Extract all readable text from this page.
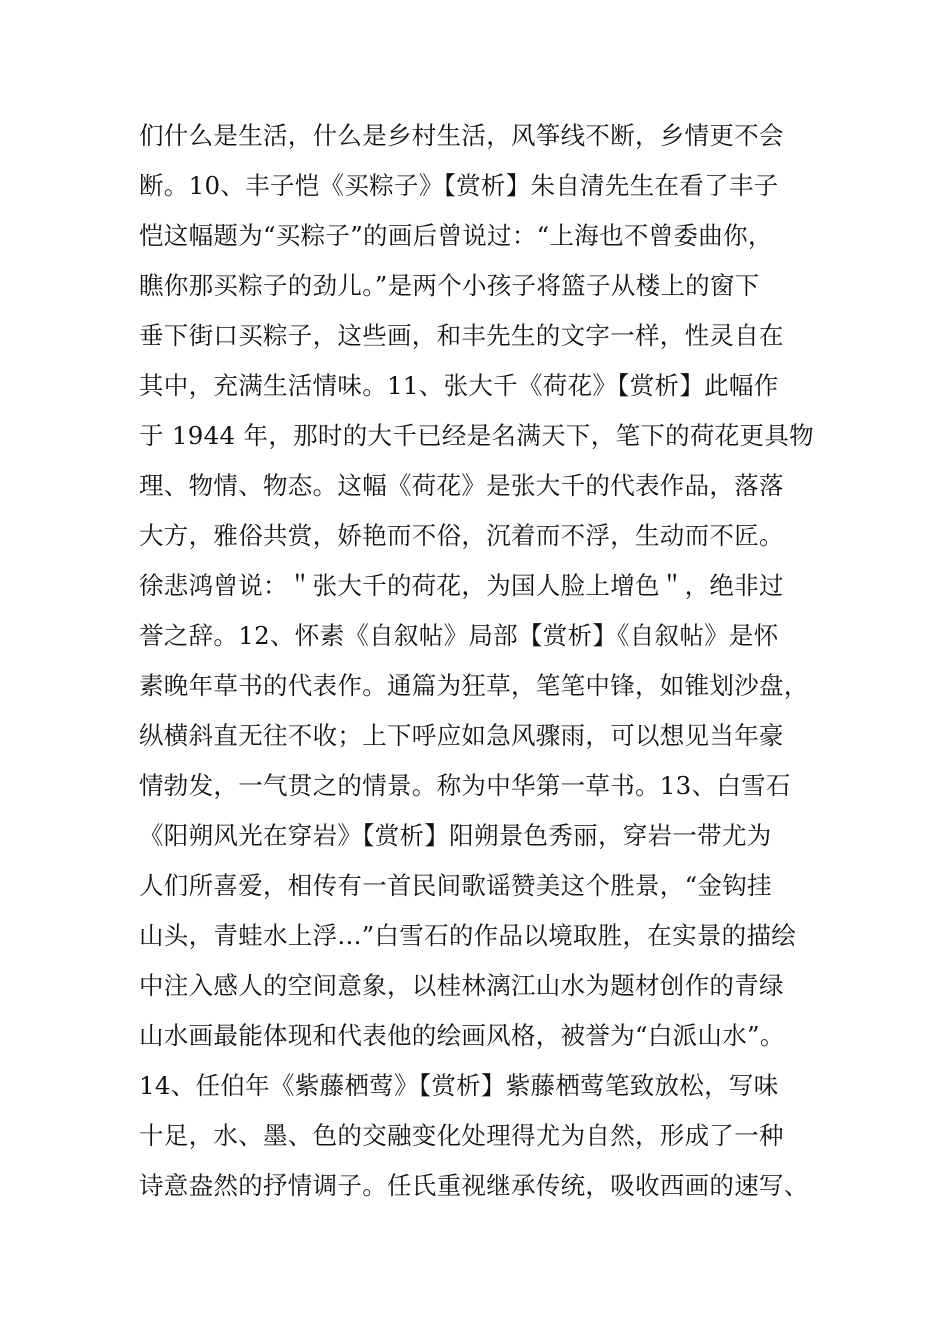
们什么是生活，什么是乡村生活，风筝线不断，乡情更不会
断。10、丰子恺《买粽子》【赏析】朱自清先生在看了丰子
恺这幅题为“买粽子”的画后曾说过：“上海也不曾委曲你，
瞧你那买粽子的劲儿。”是两个小孩子将篮子从楼上的窗下
垂下街口买粽子，这些画，和丰先生的文字一样，性灵自在
其中，充满生活情味。11、张大千《荷花》【赏析】此幅作
于 1944 年，那时的大千已经是名满天下，笔下的荷花更具物
理、物情、物态。这幅《荷花》是张大千的代表作品，落落
大方，雅俗共赏，娇艳而不俗，沉着而不浮，生动而不匠。
徐悲鸿曾说：＂张大千的荷花，为国人脸上增色＂，绝非过
誉之辞。12、怀素《自叙帖》局部【赏析】《自叙帖》是怀
素晚年草书的代表作。通篇为狂草，笔笔中锋，如锥划沙盘，
纵横斜直无往不收；上下呼应如急风骤雨，可以想见当年豪
情勃发，一气贯之的情景。称为中华第一草书。13、白雪石
《阳朔风光在穿岩》【赏析】阳朔景色秀丽，穿岩一带尤为
人们所喜爱，相传有一首民间歌谣赞美这个胜景，“金钩挂
山头，青蛙水上浮...”白雪石的作品以境取胜，在实景的描绘
中注入感人的空间意象，以桂林漓江山水为题材创作的青绿
山水画最能体现和代表他的绘画风格，被誉为“白派山水”。
14、任伯年《紫藤栖莺》【赏析】紫藤栖莺笔致放松，写味
十足，水、墨、色的交融变化处理得尤为自然，形成了一种
诗意盎然的抒情调子。任氏重视继承传统，吸收西画的速写、
